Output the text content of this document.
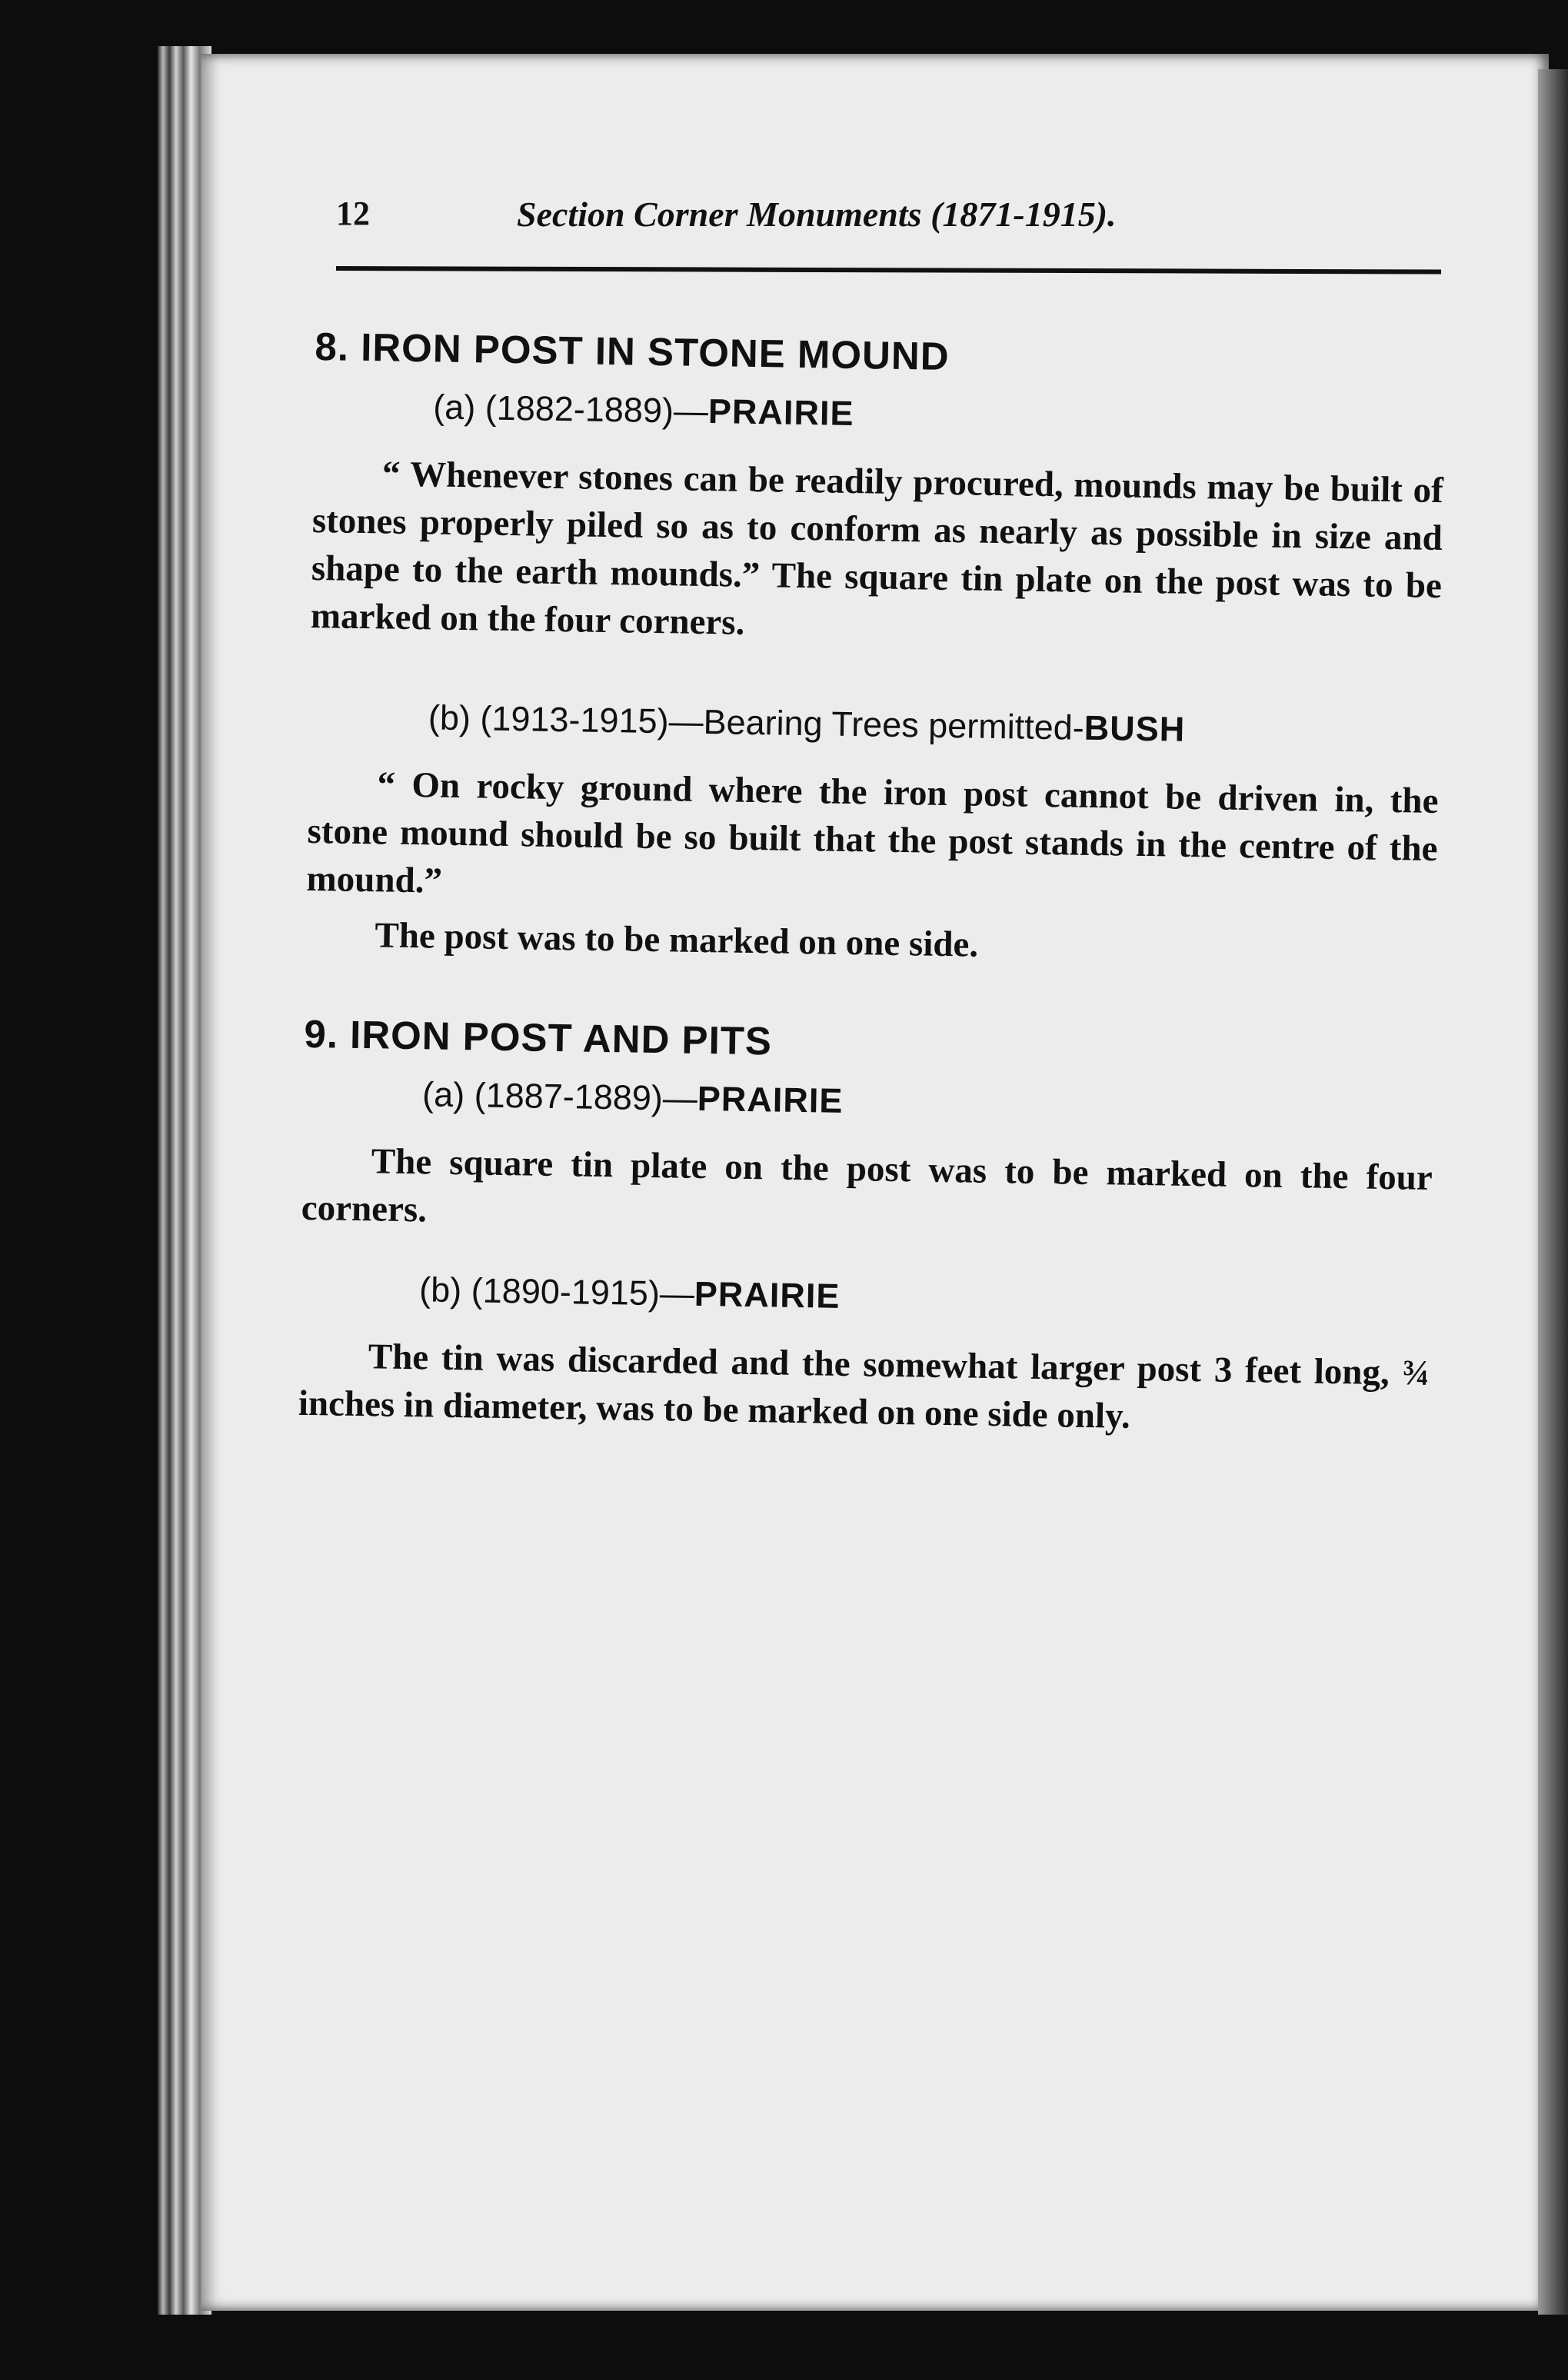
12	Section Corner Monuments (1871-1915).
8. IRON POST IN STONE MOUND
(a) (1882-1889)—PRAIRIE

“ Whenever stones can be readily procured, mounds may be built of stones properly piled so as to conform as nearly as possible in size and shape to the earth mounds.” The square tin plate on the post was to be marked on the four corners.

(b) (1913-1915)—Bearing Trees permitted-BUSH

“ On rocky ground where the iron post cannot be driven in, the stone mound should be so built that the post stands in the centre of the mound.”

The post was to be marked on one side.

9. IRON POST AND PITS
(a) (1887-1889)—PRAIRIE

The square tin plate on the post was to be marked on the four corners.

(b) (1890-1915)—PRAIRIE

The tin was discarded and the somewhat larger post 3 feet long, ¾ inches in diameter, was to be marked on one side only.
